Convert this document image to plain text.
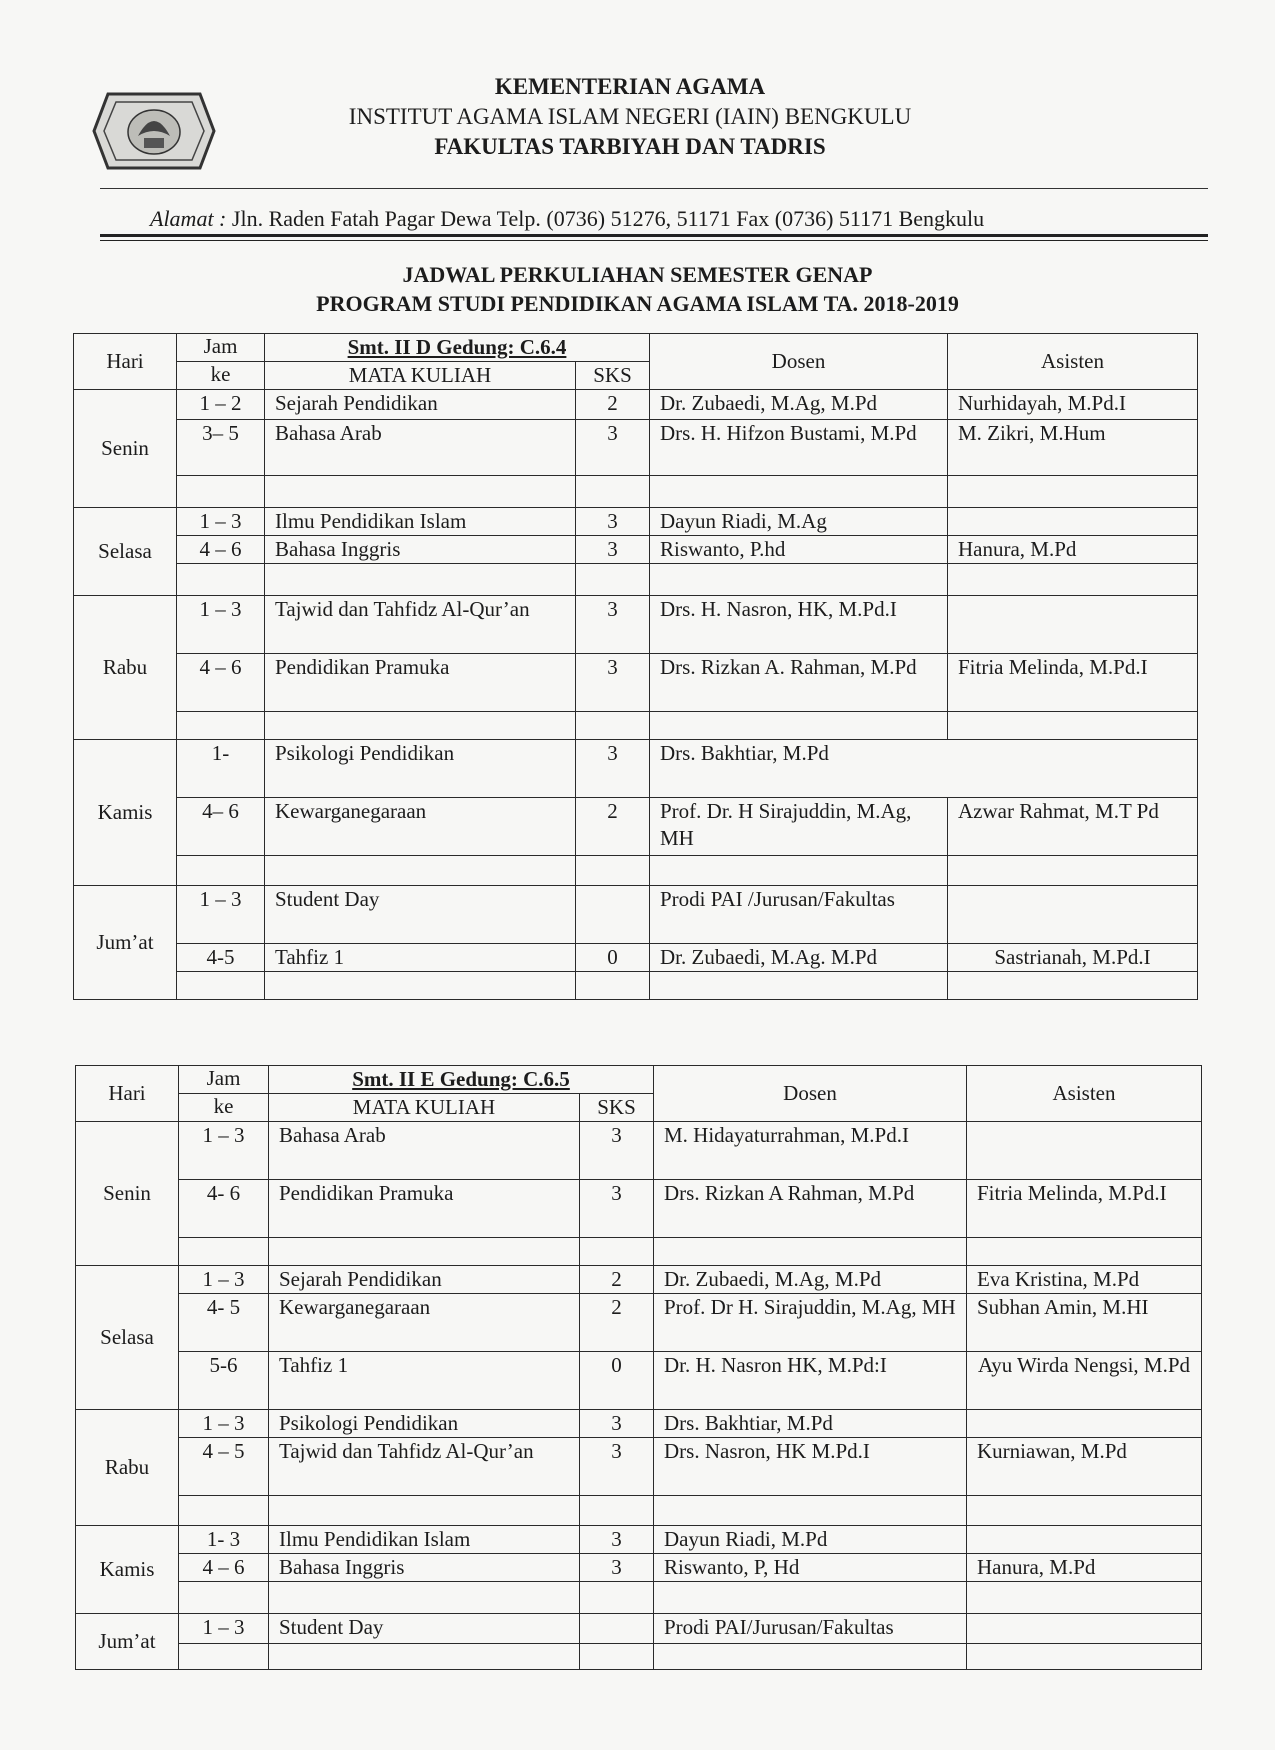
KEMENTERIAN AGAMA
INSTITUT AGAMA ISLAM NEGERI (IAIN) BENGKULU
FAKULTAS TARBIYAH DAN TADRIS
Alamat : Jln. Raden Fatah Pagar Dewa Telp. (0736) 51276, 51171 Fax (0736) 51171 Bengkulu
JADWAL PERKULIAHAN SEMESTER GENAP
PROGRAM STUDI PENDIDIKAN AGAMA ISLAM TA. 2018-2019
Hari	Jam	Smt. II D Gedung: C.6.4		Dosen	Asisten
	ke	MATA KULIAH	SKS		
Senin	1 – 2	Sejarah Pendidikan	2	Dr. Zubaedi, M.Ag, M.Pd	Nurhidayah, M.Pd.I
	3– 5	Bahasa Arab	3	Drs. H. Hifzon Bustami, M.Pd	M. Zikri, M.Hum

Selasa	1 – 3	Ilmu Pendidikan Islam	3	Dayun Riadi, M.Ag	
	4 – 6	Bahasa Inggris	3	Riswanto, P.hd	Hanura, M.Pd

Rabu	1 – 3	Tajwid dan Tahfidz Al-Qur’an	3	Drs. H. Nasron, HK, M.Pd.I	
	4 – 6	Pendidikan Pramuka	3	Drs. Rizkan A. Rahman, M.Pd	Fitria Melinda, M.Pd.I

Kamis	1-	Psikologi Pendidikan	3	Drs. Bakhtiar, M.Pd	
	4– 6	Kewarganegaraan	2	Prof. Dr. H Sirajuddin, M.Ag, MH	Azwar Rahmat, M.T Pd

Jum’at	1 – 3	Student Day		Prodi PAI /Jurusan/Fakultas	
	4-5	Tahfiz 1	0	Dr. Zubaedi, M.Ag. M.Pd	Sastrianah, M.Pd.I

Hari	Jam	Smt. II E Gedung: C.6.5		Dosen	Asisten
	ke	MATA KULIAH	SKS		
Senin	1 – 3	Bahasa Arab	3	M. Hidayaturrahman, M.Pd.I	
	4- 6	Pendidikan Pramuka	3	Drs. Rizkan A Rahman, M.Pd	Fitria Melinda, M.Pd.I

Selasa	1 – 3	Sejarah Pendidikan	2	Dr. Zubaedi, M.Ag, M.Pd	Eva Kristina, M.Pd
	4- 5	Kewarganegaraan	2	Prof. Dr H. Sirajuddin, M.Ag, MH	Subhan Amin, M.HI
	5-6	Tahfiz 1	0	Dr. H. Nasron HK, M.Pd:I	Ayu Wirda Nengsi, M.Pd
Rabu	1 – 3	Psikologi Pendidikan	3	Drs. Bakhtiar, M.Pd	
	4 – 5	Tajwid dan Tahfidz Al-Qur’an	3	Drs. Nasron, HK M.Pd.I	Kurniawan, M.Pd

Kamis	1- 3	Ilmu Pendidikan Islam	3	Dayun Riadi, M.Pd	
	4 – 6	Bahasa Inggris	3	Riswanto, P, Hd	Hanura, M.Pd

Jum’at	1 – 3	Student Day		Prodi PAI/Jurusan/Fakultas	
